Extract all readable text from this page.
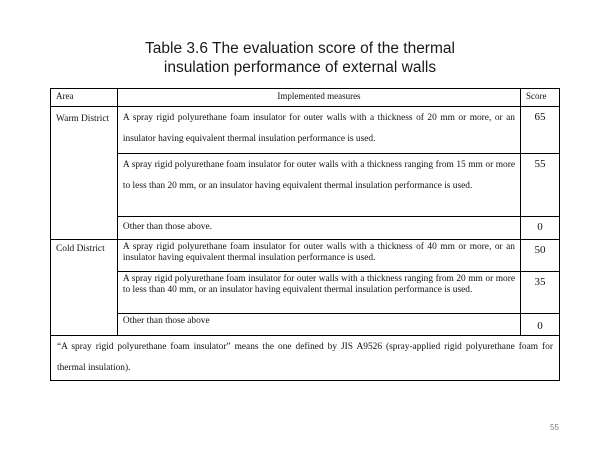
Table 3.6 The evaluation score of the thermal
insulation performance of external walls
Area	Implemented measures	Score
Warm District	A spray rigid polyurethane foam insulator for outer walls with a thickness of 20 mm or more, or an insulator having equivalent thermal insulation performance is used.	65
	A spray rigid polyurethane foam insulator for outer walls with a thickness ranging from 15 mm or more to less than 20 mm, or an insulator having equivalent thermal insulation performance is used.	55
	Other than those above.	0
Cold District	A spray rigid polyurethane foam insulator for outer walls with a thickness of 40 mm or more, or an insulator having equivalent thermal insulation performance is used.	50
	A spray rigid polyurethane foam insulator for outer walls with a thickness ranging from 20 mm or more to less than 40 mm, or an insulator having equivalent thermal insulation performance is used.	35
	Other than those above	0
“A spray rigid polyurethane foam insulator” means the one defined by JIS A9526 (spray-applied rigid polyurethane foam for thermal insulation).		
55
